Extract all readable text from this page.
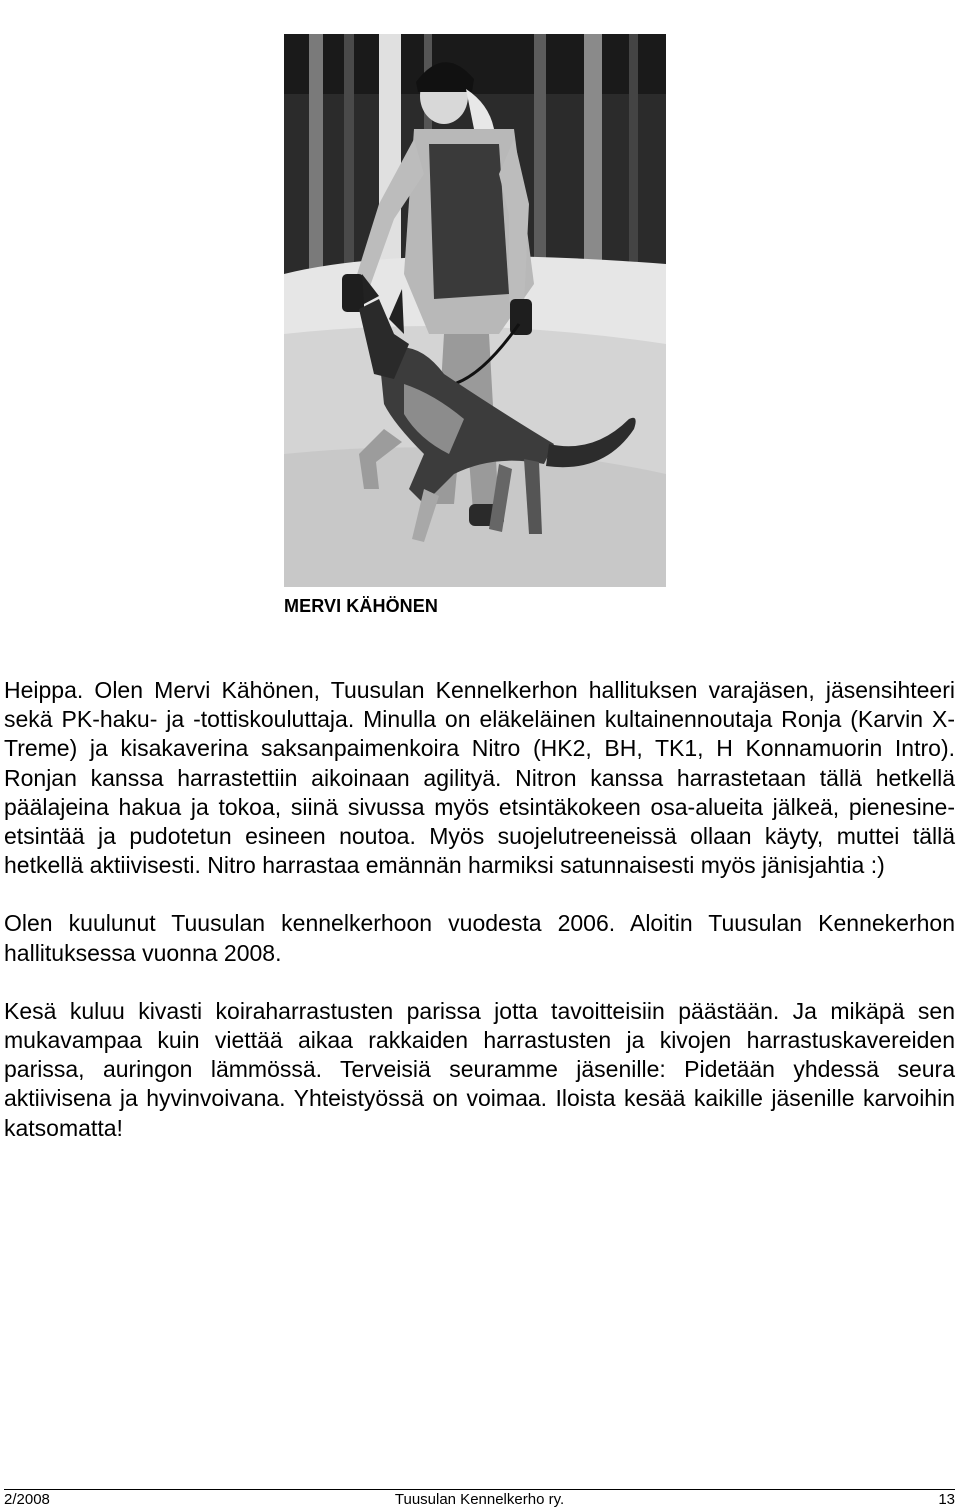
MERVI KÄHÖNEN

Heippa. Olen Mervi Kähönen, Tuusulan Kennelkerhon hallituksen varajäsen, jäsensihteeri sekä PK-haku- ja -tottiskouluttaja. Minulla on eläkeläinen kultainennoutaja Ronja (Karvin X-Treme) ja kisakaverina saksanpaimenkoira Nitro (HK2, BH, TK1, H Konnamuorin Intro). Ronjan kanssa harrastettiin aikoinaan agilityä. Nitron kanssa harrastetaan tällä hetkellä päälajeina hakua ja tokoa, siinä sivussa myös etsintäkokeen osa-alueita jälkeä, pienesine-etsintää ja pudotetun esineen noutoa. Myös suojelutreeneissä ollaan käyty, muttei tällä hetkellä aktiivisesti. Nitro harrastaa emännän harmiksi satunnaisesti myös jänisjahtia :)

Olen kuulunut Tuusulan kennelkerhoon vuodesta 2006. Aloitin Tuusulan Kennekerhon hallituksessa vuonna 2008.

Kesä kuluu kivasti koiraharrastusten parissa jotta tavoitteisiin päästään. Ja mikäpä sen mukavampaa kuin viettää aikaa rakkaiden harrastusten ja kivojen harrastuskavereiden parissa, auringon lämmössä. Terveisiä seuramme jäsenille: Pidetään yhdessä seura aktiivisena ja hyvinvoivana. Yhteistyössä on voimaa. Iloista kesää kaikille jäsenille karvoihin katsomatta!

2/2008	Tuusulan Kennelkerho ry.	13
